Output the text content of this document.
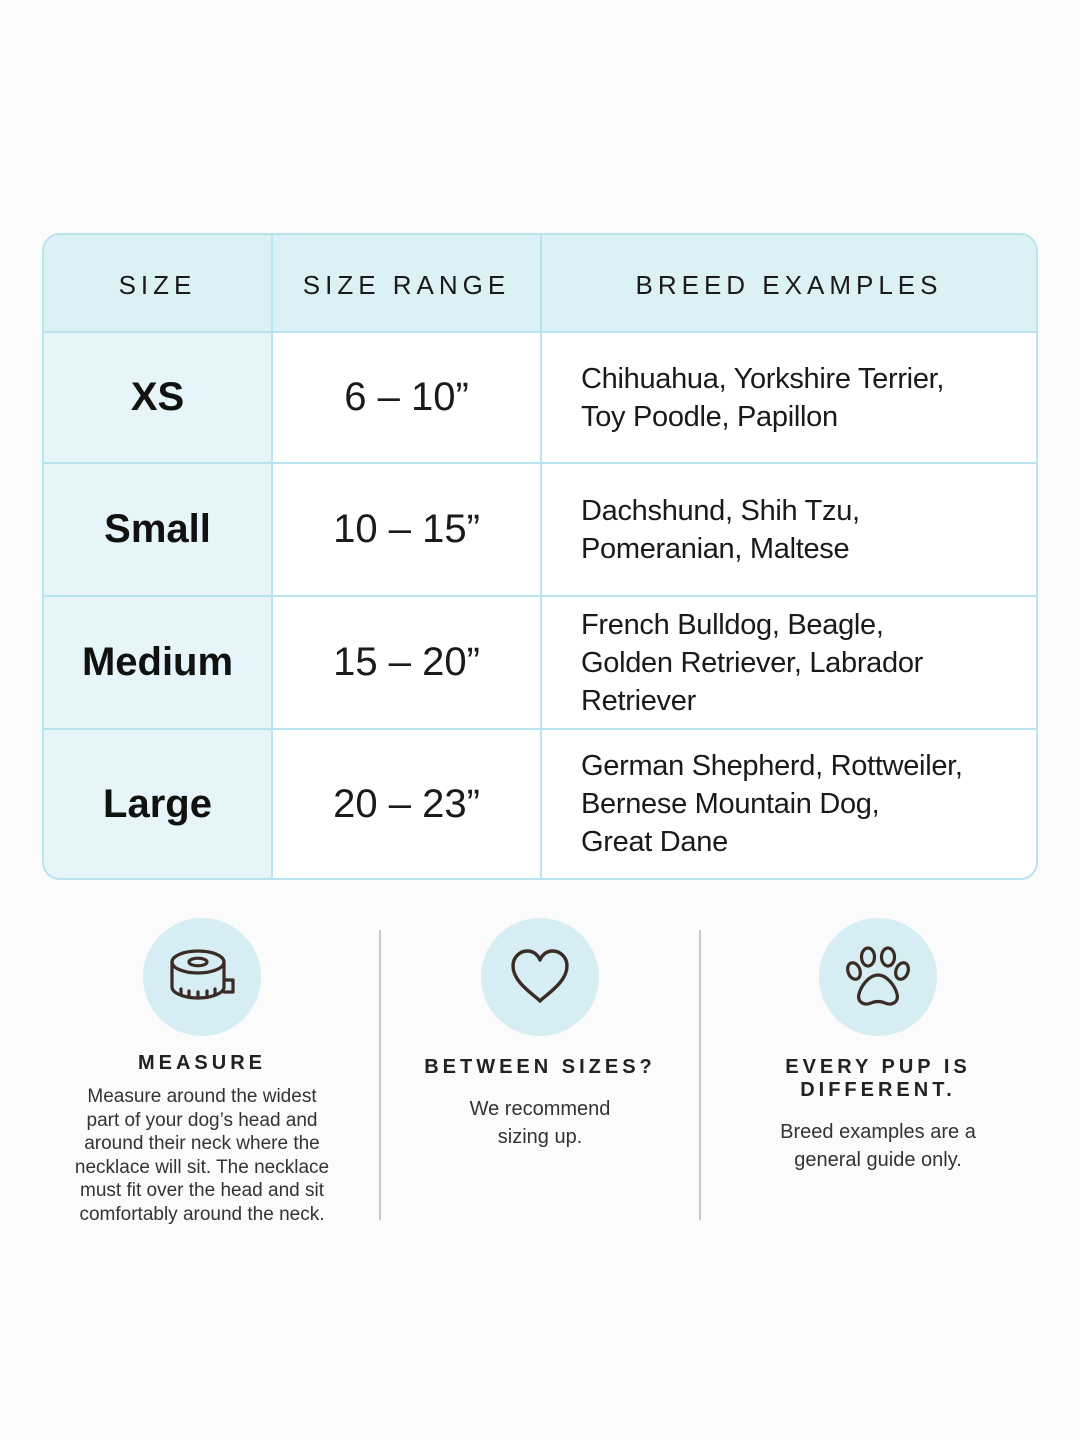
SIZE	SIZE RANGE	BREED EXAMPLES
XS	6 – 10”	Chihuahua, Yorkshire Terrier,
Toy Poodle, Papillon
Small	10 – 15”	Dachshund, Shih Tzu,
Pomeranian, Maltese
Medium	15 – 20”
French Bulldog, Beagle,
Golden Retriever, Labrador Retriever
Large	20 – 23”
German Shepherd, Rottweiler,
Bernese Mountain Dog,
Great Dane
MEASURE
Measure around the widest
part of your dog’s head and
around their neck where the
necklace will sit. The necklace
must fit over the head and sit
comfortably around the neck.
BETWEEN SIZES?
We recommend
sizing up.
EVERY PUP IS DIFFERENT.
Breed examples are a
general guide only.
